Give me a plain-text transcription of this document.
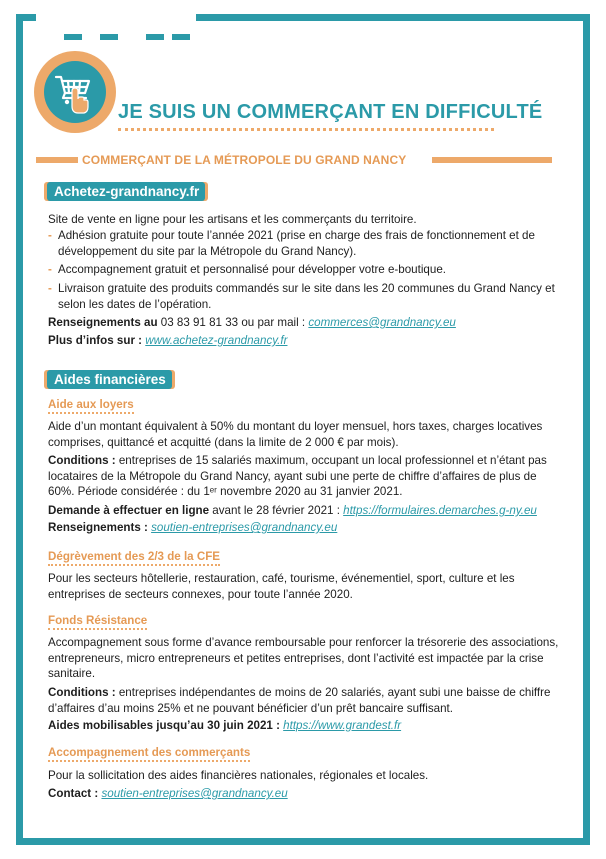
JE SUIS UN COMMERÇANT EN DIFFICULTÉ
COMMERÇANT DE LA MÉTROPOLE DU GRAND NANCY
Achetez-grandnancy.fr

Site de vente en ligne pour les artisans et les commerçants du territoire.

- Adhésion gratuite pour toute l’année 2021 (prise en charge des frais de fonctionnement et de développement du site par la Métropole du Grand Nancy).
- Accompagnement gratuit et personnalisé pour développer votre e-boutique.
- Livraison gratuite des produits commandés sur le site dans les 20 communes du Grand Nancy et selon les dates de l’opération.

Renseignements au 03 83 91 81 33 ou par mail : commerces@grandnancy.eu

Plus d’infos sur : www.achetez-grandnancy.fr

Aides financières
Aide aux loyers

Aide d’un montant équivalent à 50% du montant du loyer mensuel, hors taxes, charges locatives comprises, quittancé et acquitté (dans la limite de 2 000 € par mois).

Conditions : entreprises de 15 salariés maximum, occupant un local professionnel et n’étant pas locataires de la Métropole du Grand Nancy, ayant subi une perte de chiffre d’affaires de plus de 60%. Période considérée : du 1ᵉʳ novembre 2020 au 31 janvier 2021.

Demande à effectuer en ligne avant le 28 février 2021 : https://formulaires.demarches.g-ny.eu

Renseignements : soutien-entreprises@grandnancy.eu

Dégrèvement des 2/3 de la CFE

Pour les secteurs hôtellerie, restauration, café, tourisme, événementiel, sport, culture et les entreprises de secteurs connexes, pour toute l’année 2020.

Fonds Résistance

Accompagnement sous forme d’avance remboursable pour renforcer la trésorerie des associations, entrepreneurs, micro entrepreneurs et petites entreprises, dont l’activité est impactée par la crise sanitaire.

Conditions : entreprises indépendantes de moins de 20 salariés, ayant subi une baisse de chiffre d’affaires d’au moins 25% et ne pouvant bénéficier d’un prêt bancaire suffisant.

Aides mobilisables jusqu’au 30 juin 2021 : https://www.grandest.fr

Accompagnement des commerçants

Pour la sollicitation des aides financières nationales, régionales et locales.

Contact : soutien-entreprises@grandnancy.eu
